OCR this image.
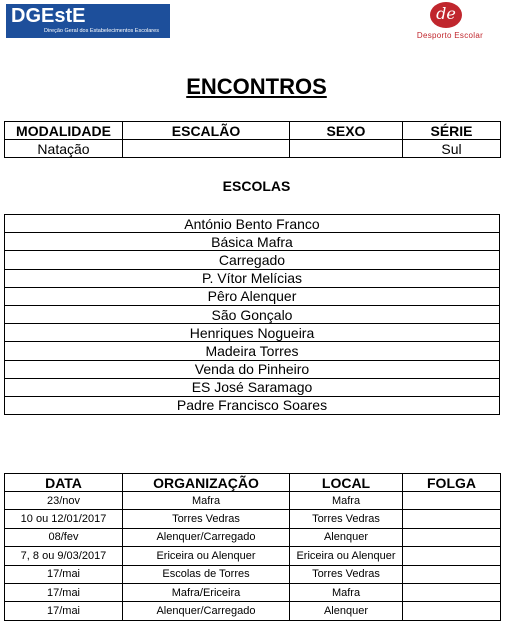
DGEstE
Direção Geral dos Estabelecimentos Escolares
de
Desporto Escolar
ENCONTROS
MODALIDADE	ESCALÃO	SEXO	SÉRIE
Natação			Sul
ESCOLAS
António Bento Franco
Básica Mafra
Carregado
P. Vítor Melícias
Pêro Alenquer
São Gonçalo
Henriques Nogueira
Madeira Torres
Venda do Pinheiro
ES José Saramago
Padre Francisco Soares
DATA	ORGANIZAÇÃO	LOCAL	FOLGA
23/nov	Mafra	Mafra	
10 ou 12/01/2017	Torres Vedras	Torres Vedras	
08/fev	Alenquer/Carregado	Alenquer	
7, 8 ou 9/03/2017	Ericeira ou Alenquer	Ericeira ou Alenquer	
17/mai	Escolas de Torres	Torres Vedras	
17/mai	Mafra/Ericeira	Mafra	
17/mai	Alenquer/Carregado	Alenquer	
